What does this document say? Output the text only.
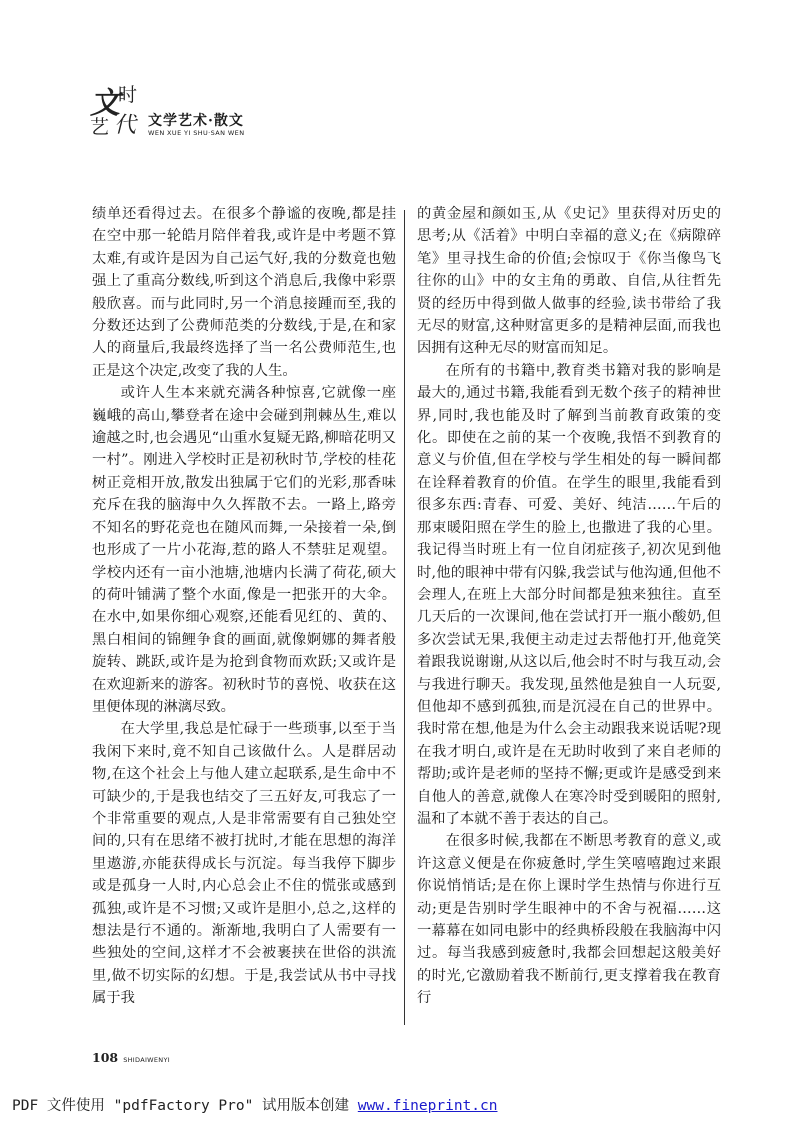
文
时
艺 代 文学艺术·散文
WEN XUE YI SHU·SAN WEN

绩单还看得过去。在很多个静谧的夜晚,都是挂在空中那一轮皓月陪伴着我,或许是中考题不算太难,有或许是因为自己运气好,我的分数竟也勉强上了重高分数线,听到这个消息后,我像中彩票般欣喜。而与此同时,另一个消息接踵而至,我的分数还达到了公费师范类的分数线,于是,在和家人的商量后,我最终选择了当一名公费师范生,也正是这个决定,改变了我的人生。

或许人生本来就充满各种惊喜,它就像一座巍峨的高山,攀登者在途中会碰到荆棘丛生,难以逾越之时,也会遇见“山重水复疑无路,柳暗花明又一村”。刚进入学校时正是初秋时节,学校的桂花树正竞相开放,散发出独属于它们的光彩,那香味充斥在我的脑海中久久挥散不去。一路上,路旁不知名的野花竞也在随风而舞,一朵接着一朵,倒也形成了一片小花海,惹的路人不禁驻足观望。学校内还有一亩小池塘,池塘内长满了荷花,硕大的荷叶铺满了整个水面,像是一把张开的大伞。在水中,如果你细心观察,还能看见红的、黄的、黑白相间的锦鲤争食的画面,就像婀娜的舞者般旋转、跳跃,或许是为抢到食物而欢跃;又或许是在欢迎新来的游客。初秋时节的喜悦、收获在这里便体现的淋漓尽致。

在大学里,我总是忙碌于一些琐事,以至于当我闲下来时,竟不知自己该做什么。人是群居动物,在这个社会上与他人建立起联系,是生命中不可缺少的,于是我也结交了三五好友,可我忘了一个非常重要的观点,人是非常需要有自己独处空间的,只有在思绪不被打扰时,才能在思想的海洋里遨游,亦能获得成长与沉淀。每当我停下脚步或是孤身一人时,内心总会止不住的慌张或感到孤独,或许是不习惯;又或许是胆小,总之,这样的想法是行不通的。渐渐地,我明白了人需要有一些独处的空间,这样才不会被裹挟在世俗的洪流里,做不切实际的幻想。于是,我尝试从书中寻找属于我

的黄金屋和颜如玉,从《史记》里获得对历史的思考;从《活着》中明白幸福的意义;在《病隙碎笔》里寻找生命的价值;会惊叹于《你当像鸟飞往你的山》中的女主角的勇敢、自信,从往哲先贤的经历中得到做人做事的经验,读书带给了我无尽的财富,这种财富更多的是精神层面,而我也因拥有这种无尽的财富而知足。

在所有的书籍中,教育类书籍对我的影响是最大的,通过书籍,我能看到无数个孩子的精神世界,同时,我也能及时了解到当前教育政策的变化。即使在之前的某一个夜晚,我悟不到教育的意义与价值,但在学校与学生相处的每一瞬间都在诠释着教育的价值。在学生的眼里,我能看到很多东西:青春、可爱、美好、纯洁……午后的那束暖阳照在学生的脸上,也撒进了我的心里。我记得当时班上有一位自闭症孩子,初次见到他时,他的眼神中带有闪躲,我尝试与他沟通,但他不会理人,在班上大部分时间都是独来独往。直至几天后的一次课间,他在尝试打开一瓶小酸奶,但多次尝试无果,我便主动走过去帮他打开,他竟笑着跟我说谢谢,从这以后,他会时不时与我互动,会与我进行聊天。我发现,虽然他是独自一人玩耍,但他却不感到孤独,而是沉浸在自己的世界中。我时常在想,他是为什么会主动跟我来说话呢?现在我才明白,或许是在无助时收到了来自老师的帮助;或许是老师的坚持不懈;更或许是感受到来自他人的善意,就像人在寒冷时受到暖阳的照射,温和了本就不善于表达的自己。

在很多时候,我都在不断思考教育的意义,或许这意义便是在你疲惫时,学生笑嘻嘻跑过来跟你说悄悄话;是在你上课时学生热情与你进行互动;更是告别时学生眼神中的不舍与祝福……这一幕幕在如同电影中的经典桥段般在我脑海中闪过。每当我感到疲惫时,我都会回想起这般美好的时光,它激励着我不断前行,更支撑着我在教育行

108 SHIDAIWENYI
PDF 文件使用 "pdfFactory Pro" 试用版本创建 www.fineprint.cn
